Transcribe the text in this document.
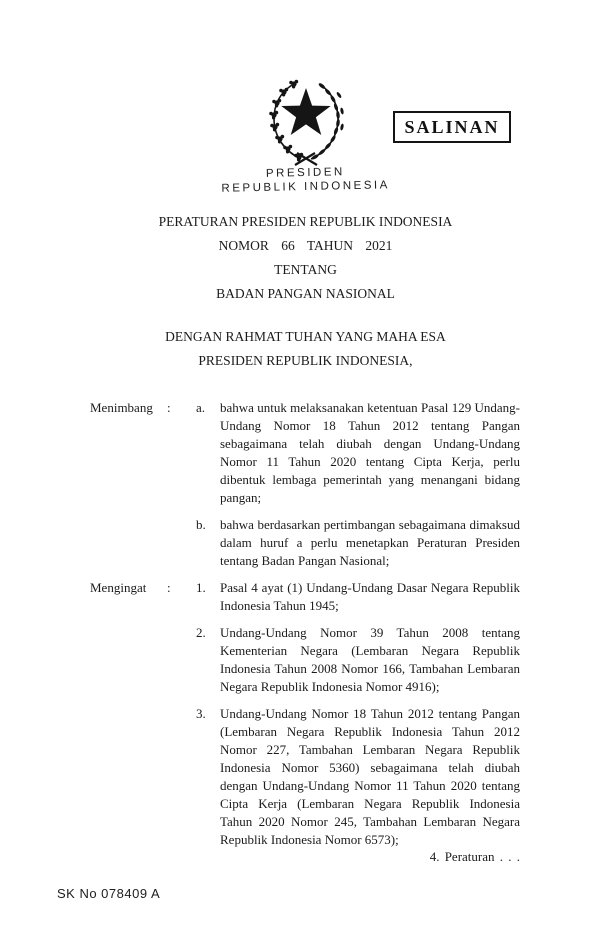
SALINAN
PRESIDEN
REPUBLIK INDONESIA
PERATURAN PRESIDEN REPUBLIK INDONESIA
NOMOR 66 TAHUN 2021
TENTANG
BADAN PANGAN NASIONAL
DENGAN RAHMAT TUHAN YANG MAHA ESA
PRESIDEN REPUBLIK INDONESIA,
Menimbang	:	a.	bahwa untuk melaksanakan ketentuan Pasal 129 Undang-Undang Nomor 18 Tahun 2012 tentang Pangan sebagaimana telah diubah dengan Undang-Undang Nomor 11 Tahun 2020 tentang Cipta Kerja, perlu dibentuk lembaga pemerintah yang menangani bidang pangan;
b.	bahwa berdasarkan pertimbangan sebagaimana dimaksud dalam huruf a perlu menetapkan Peraturan Presiden tentang Badan Pangan Nasional;
Mengingat	:	1.	Pasal 4 ayat (1) Undang-Undang Dasar Negara Republik Indonesia Tahun 1945;
2.	Undang-Undang Nomor 39 Tahun 2008 tentang Kementerian Negara (Lembaran Negara Republik Indonesia Tahun 2008 Nomor 166, Tambahan Lembaran Negara Republik Indonesia Nomor 4916);
3.	Undang-Undang Nomor 18 Tahun 2012 tentang Pangan (Lembaran Negara Republik Indonesia Tahun 2012 Nomor 227, Tambahan Lembaran Negara Republik Indonesia Nomor 5360) sebagaimana telah diubah dengan Undang-Undang Nomor 11 Tahun 2020 tentang Cipta Kerja (Lembaran Negara Republik Indonesia Tahun 2020 Nomor 245, Tambahan Lembaran Negara Republik Indonesia Nomor 6573);
4. Peraturan . . .
SK No 078409 A
